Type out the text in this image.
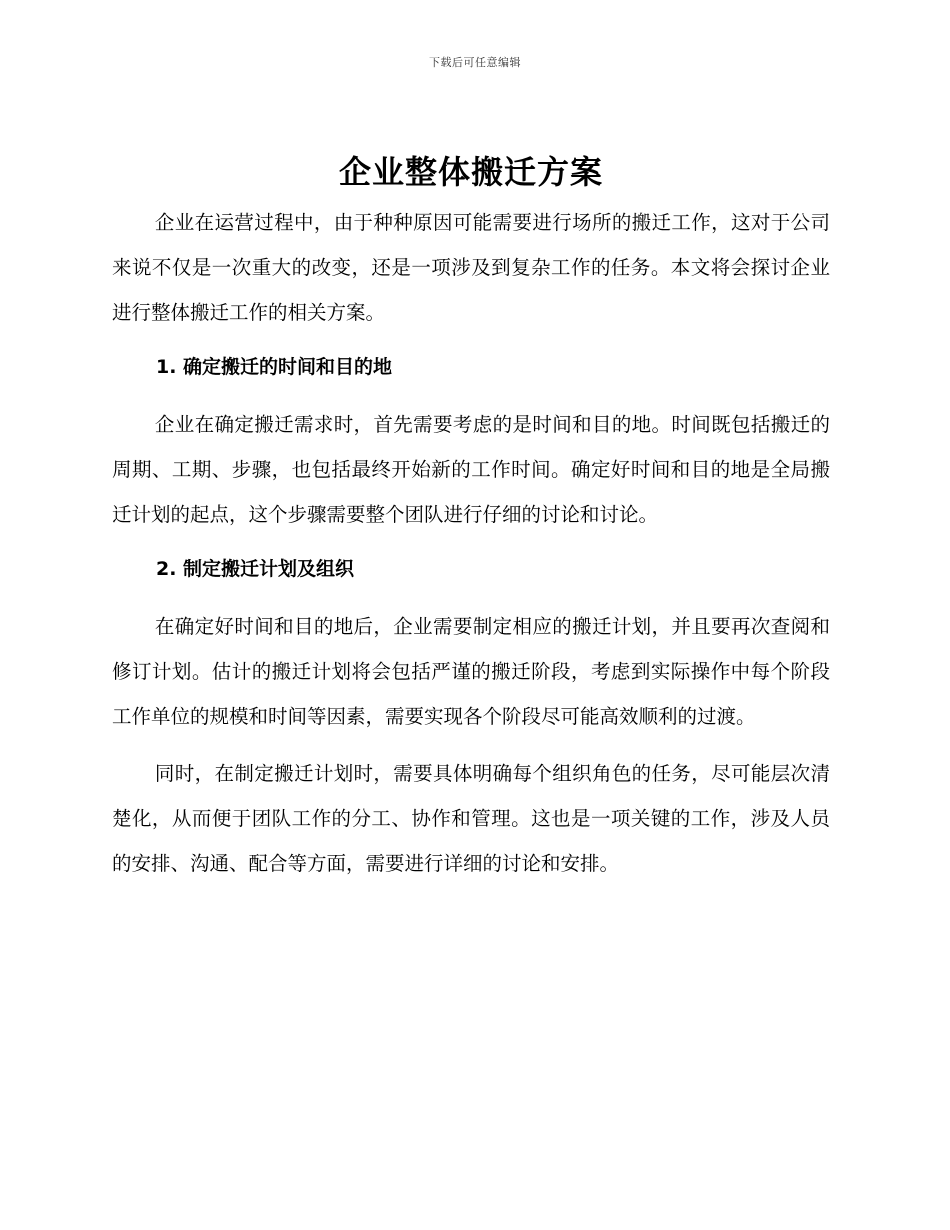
下载后可任意编辑
企业整体搬迁方案

企业在运营过程中，由于种种原因可能需要进行场所的搬迁工作，这对于公司来说不仅是一次重大的改变，还是一项涉及到复杂工作的任务。本文将会探讨企业进行整体搬迁工作的相关方案。

1. 确定搬迁的时间和目的地

企业在确定搬迁需求时，首先需要考虑的是时间和目的地。时间既包括搬迁的周期、工期、步骤，也包括最终开始新的工作时间。确定好时间和目的地是全局搬迁计划的起点，这个步骤需要整个团队进行仔细的讨论和讨论。

2. 制定搬迁计划及组织

在确定好时间和目的地后，企业需要制定相应的搬迁计划，并且要再次查阅和修订计划。估计的搬迁计划将会包括严谨的搬迁阶段，考虑到实际操作中每个阶段工作单位的规模和时间等因素，需要实现各个阶段尽可能高效顺利的过渡。

同时，在制定搬迁计划时，需要具体明确每个组织角色的任务，尽可能层次清楚化，从而便于团队工作的分工、协作和管理。这也是一项关键的工作，涉及人员的安排、沟通、配合等方面，需要进行详细的讨论和安排。
